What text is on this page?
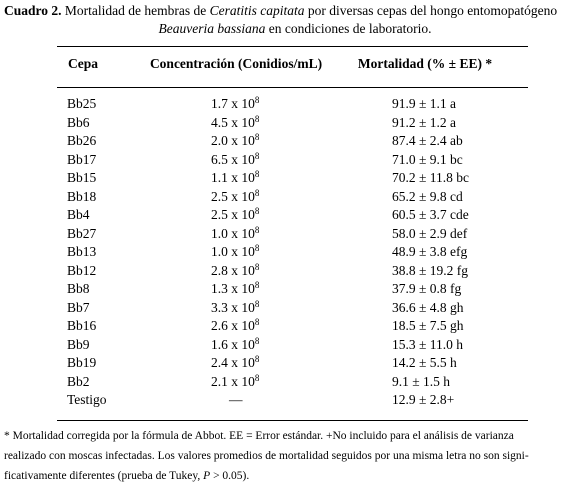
Cuadro 2. Mortalidad de hembras de Ceratitis capitata por diversas cepas del hongo entomopatógeno
Beauveria bassiana en condiciones de laboratorio.
Cepa	Concentración (Conidios/mL)	Mortalidad (% ± EE) *
Bb25	1.7 x $10^8$	91.9 ± 1.1 a
Bb6	4.5 x $10^8$	91.2 ± 1.2 a
Bb26	2.0 x $10^8$	87.4 ± 2.4 ab
Bb17	6.5 x $10^8$	71.0 ± 9.1 bc
Bb15	1.1 x $10^8$	70.2 ± 11.8 bc
Bb18	2.5 x $10^8$	65.2 ± 9.8 cd
Bb4	2.5 x $10^8$	60.5 ± 3.7 cde
Bb27	1.0 x $10^8$	58.0 ± 2.9 def
Bb13	1.0 x $10^8$	48.9 ± 3.8 efg
Bb12	2.8 x $10^8$	38.8 ± 19.2 fg
Bb8	1.3 x $10^8$	37.9 ± 0.8 fg
Bb7	3.3 x $10^8$	36.6 ± 4.8 gh
Bb16	2.6 x $10^8$	18.5 ± 7.5 gh
Bb9	1.6 x $10^8$	15.3 ± 11.0 h
Bb19	2.4 x $10^8$	14.2 ± 5.5 h
Bb2	2.1 x $10^8$	9.1 ± 1.5 h
Testigo	—	12.9 ± 2.8+

* Mortalidad corregida por la fórmula de Abbot. EE = Error estándar. +No incluido para el análisis de varianza

realizado con moscas infectadas. Los valores promedios de mortalidad seguidos por una misma letra no son signi-

ficativamente diferentes (prueba de Tukey, P > 0.05).
